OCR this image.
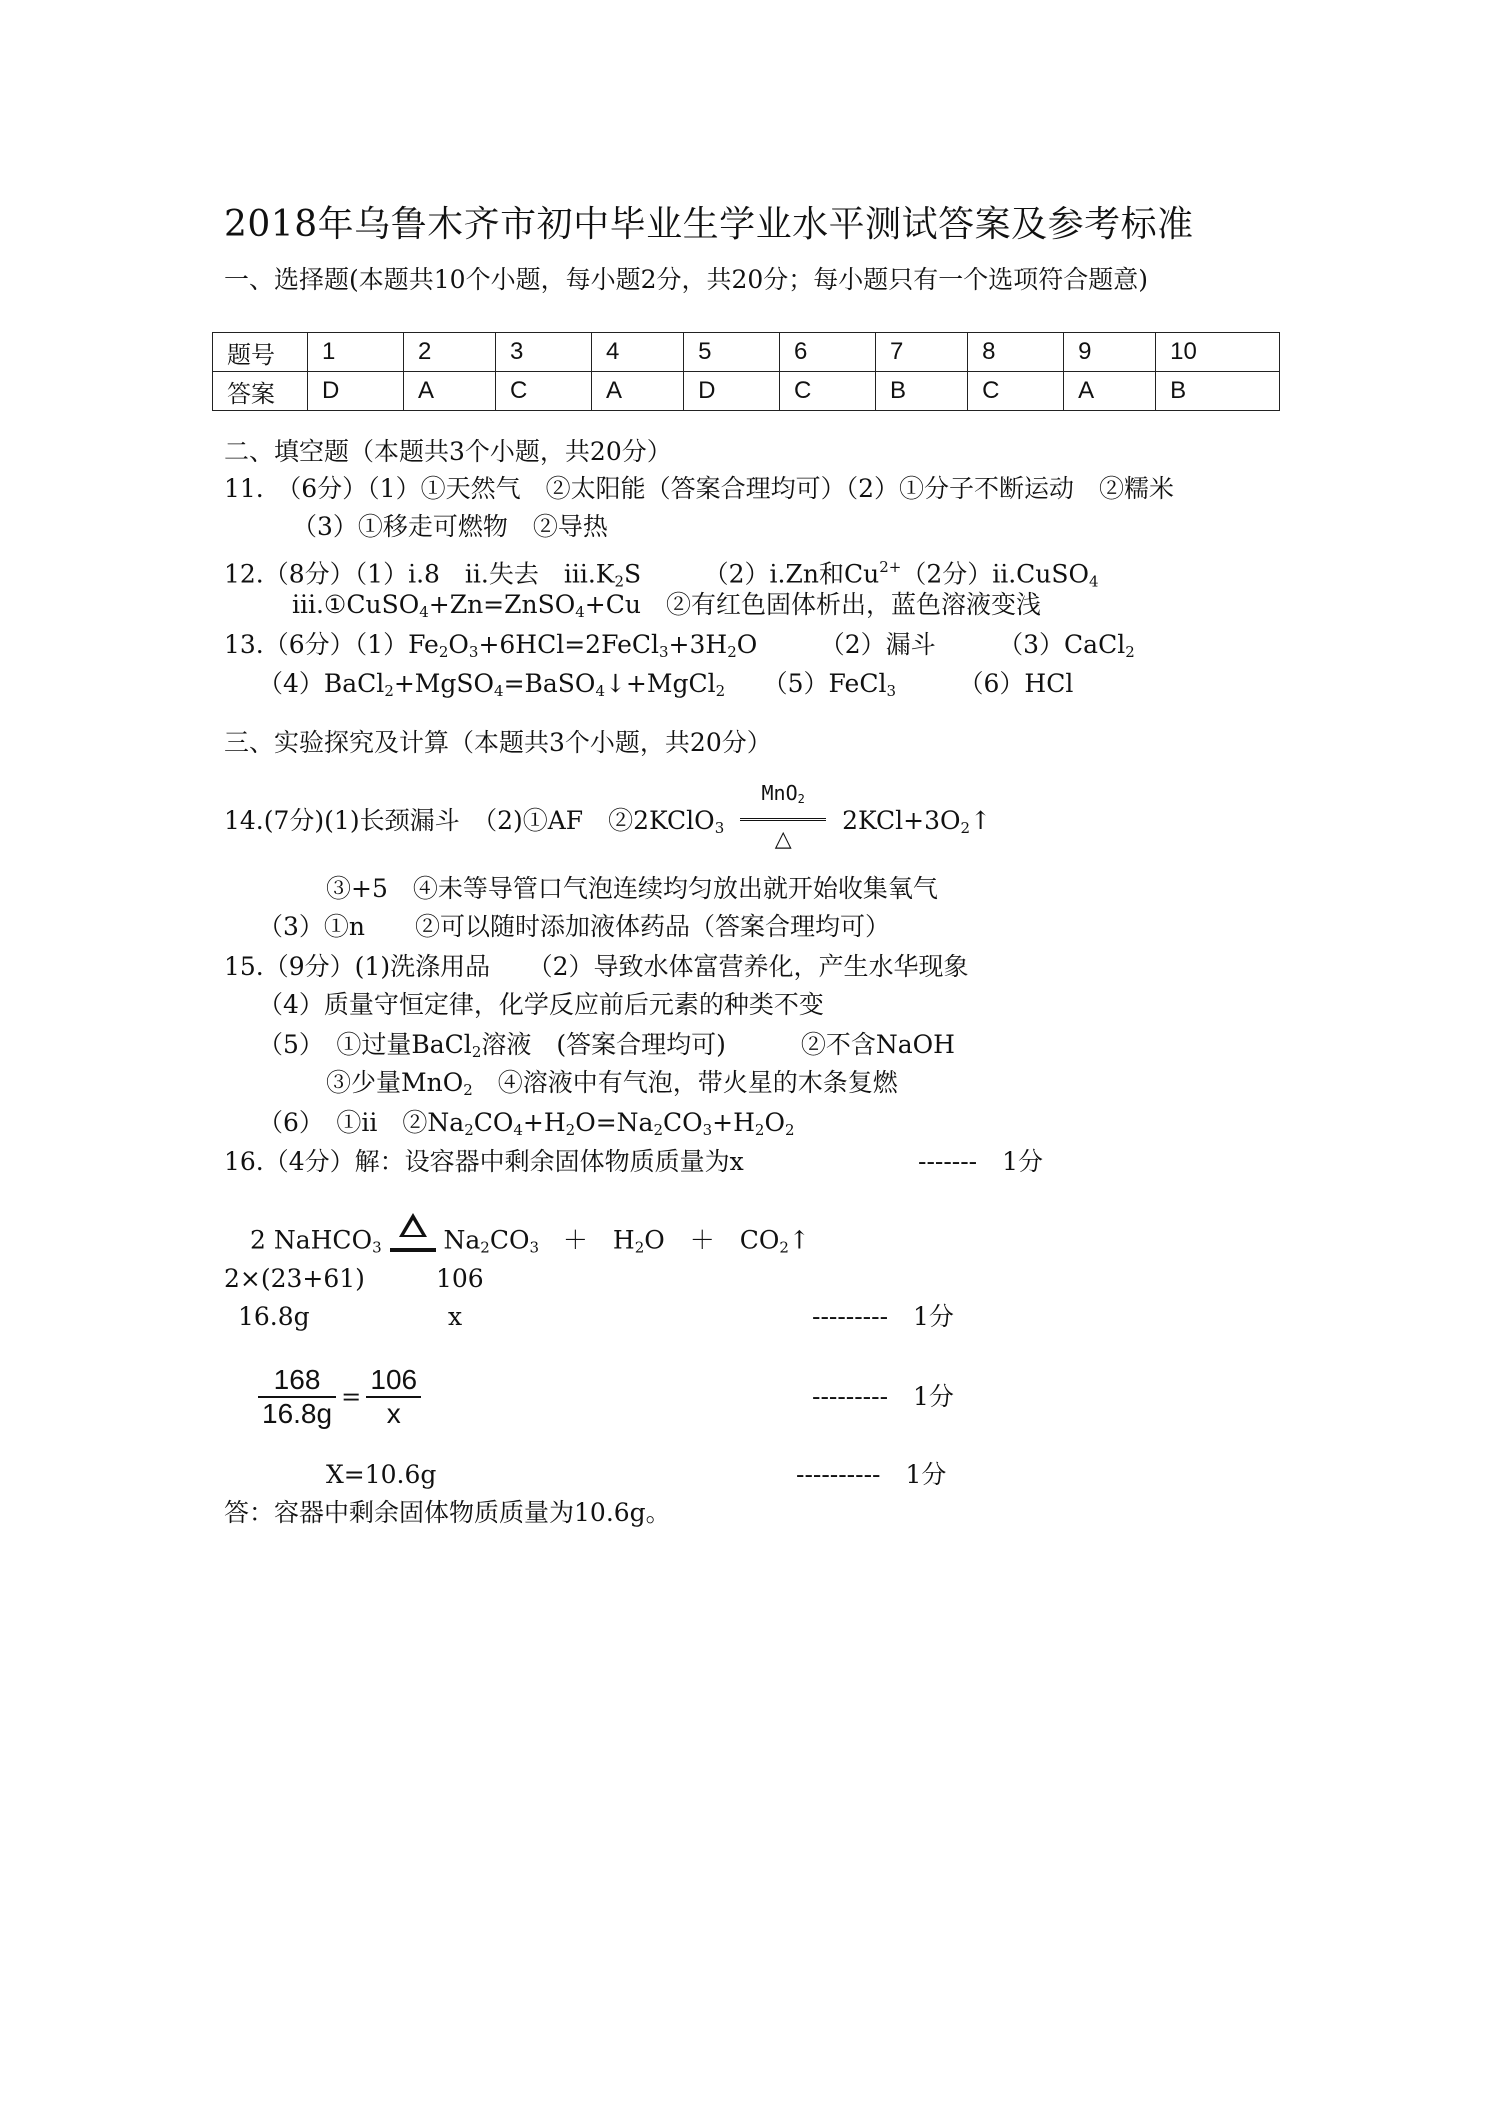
2018年乌鲁木齐市初中毕业生学业水平测试答案及参考标准
一、选择题(本题共10个小题，每小题2分，共20分；每小题只有一个选项符合题意)
题号	1	2	3	4	5	6	7	8	9	10
答案	D	A	C	A	D	C	B	C	A	B
二、填空题（本题共3个小题，共20分）
11.　（6分）（1）①天然气　②太阳能（答案合理均可）（2）①分子不断运动　②糯米
（3）①移走可燃物　②导热
12.（8分）（1）i.8　ii.失去　$iii.K_2S$　　　（2）i.Zn和$Cu^{2+}(2$分）ii.CuSO$_4$
iii.①CuSO$_4$+Zn=ZnSO$_4$+Cu　②有红色固体析出，蓝色溶液变浅
13.（6分）$(1)Fe_2O_3+6HCl=2FeCl_3+3H_2O$　　　（2）漏斗　　　（3）CaCl$_2$
（4）BaCl$_2$+MgSO$_4$=BaSO$_4$↓+MgCl$_2$　　（5）FeCl$_3$　　　（6）HCl
三、实验探究及计算（本题共3个小题，共20分）
14.(7分)(1)长颈漏斗　（2)①AF　②2KClO$_3$
MnO$_2$
△
$2KCl+3O_2↑$
③+5　④未等导管口气泡连续均匀放出就开始收集氧气
（3）①n　　②可以随时添加液体药品（答案合理均可）
15.（9分）(1)洗涤用品　　（2）导致水体富营养化，产生水华现象
（4）质量守恒定律，化学反应前后元素的种类不变
（5）　①过量BaCl$_2$溶液　(答案合理均可)　　　②不含NaOH
③少量MnO$_2$　④溶液中有气泡，带火星的木条复燃
（6）　①ii　$②Na_2CO_4+H_2O=Na_2CO_3+H_2O_2$
16.（4分）解：设容器中剩余固体物质质量为x	-------　1分
2 NaHCO$_3$ $Na_2CO_3$ ＋　$H_2O$　＋　$CO_2↑$
2×(23+61)	106
16.8g	x	---------　1分
$\frac{168}{16.8g} = \frac{106}{x}$	---------　1分
X=10.6g	----------　1分
答：容器中剩余固体物质质量为10.6g。
